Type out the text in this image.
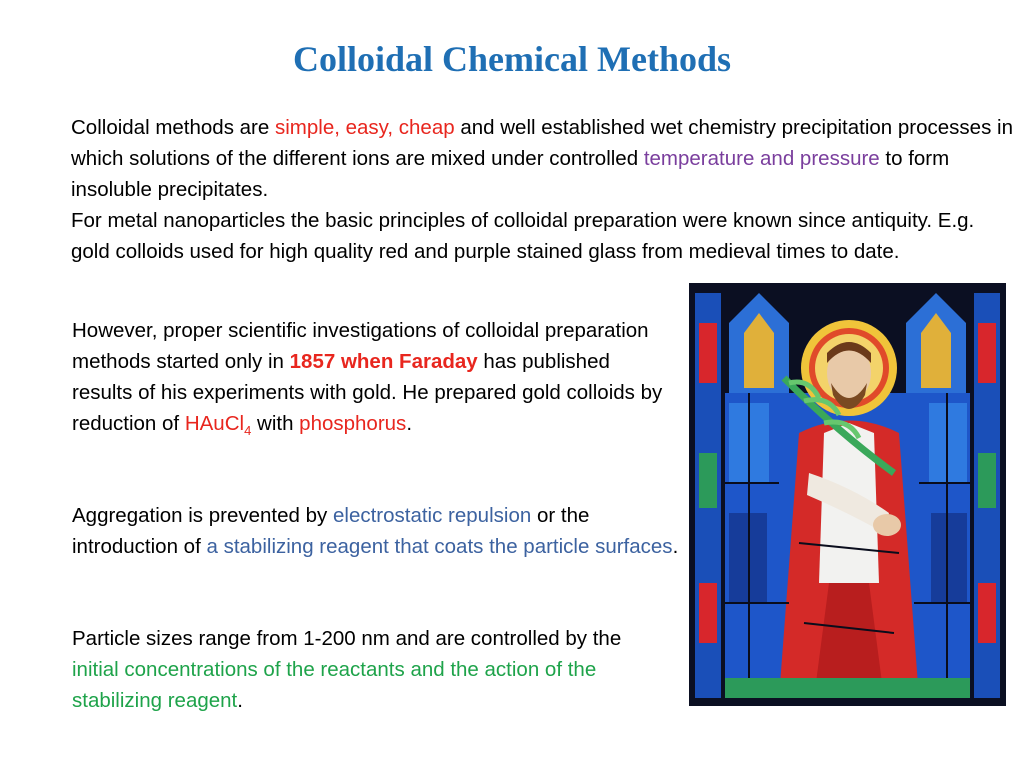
Colloidal Chemical Methods

Colloidal methods are simple, easy, cheap and well established wet chemistry precipitation processes in which solutions of the different ions are mixed under controlled temperature and pressure to form insoluble precipitates.
For metal nanoparticles the basic principles of colloidal preparation were known since antiquity. E.g. gold colloids used for high quality red and purple stained glass from medieval times to date.

However, proper scientific investigations of colloidal preparation methods started only in 1857 when Faraday has published results of his experiments with gold. He prepared gold colloids by reduction of HAuCl$_4$ with phosphorus.

Aggregation is prevented by electrostatic repulsion or the introduction of a stabilizing reagent that coats the particle surfaces.

Particle sizes range from 1-200 nm and are controlled by the initial concentrations of the reactants and the action of the stabilizing reagent.
